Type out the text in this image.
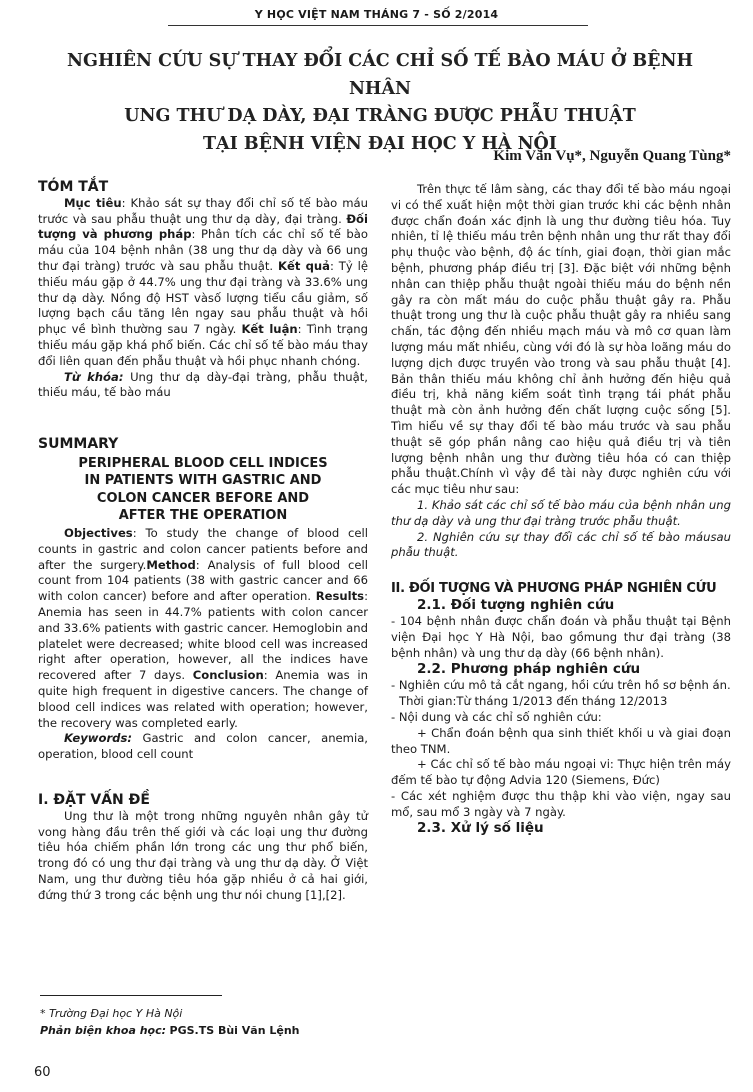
Y HỌC VIỆT NAM THÁNG 7 - SỐ 2/2014
NGHIÊN CỨU SỰ THAY ĐỔI CÁC CHỈ SỐ TẾ BÀO MÁU Ở BỆNH NHÂN
UNG THƯ DẠ DÀY, ĐẠI TRÀNG ĐƯỢC PHẪU THUẬT
TẠI BỆNH VIỆN ĐẠI HỌC Y HÀ NỘI
Kim Văn Vụ*, Nguyễn Quang Tùng*
TÓM TẮT

Mục tiêu: Khảo sát sự thay đổi chỉ số tế bào máu trước và sau phẫu thuật ung thư dạ dày, đại tràng. Đối tượng và phương pháp: Phân tích các chỉ số tế bào máu của 104 bệnh nhân (38 ung thư dạ dày và 66 ung thư đại tràng) trước và sau phẫu thuật. Kết quả: Tỷ lệ thiếu máu gặp ở 44.7% ung thư đại tràng và 33.6% ung thư dạ dày. Nồng độ HST vàsố lượng tiểu cầu giảm, số lượng bạch cầu tăng lên ngay sau phẫu thuật và hồi phục về bình thường sau 7 ngày. Kết luận: Tình trạng thiếu máu gặp khá phổ biến. Các chỉ số tế bào máu thay đổi liên quan đến phẫu thuật và hồi phục nhanh chóng.

Từ khóa: Ung thư dạ dày-đại tràng, phẫu thuật, thiếu máu, tế bào máu

SUMMARY
PERIPHERAL BLOOD CELL INDICES
IN PATIENTS WITH GASTRIC AND
COLON CANCER BEFORE AND
AFTER THE OPERATION

Objectives: To study the change of blood cell counts in gastric and colon cancer patients before and after the surgery.Method: Analysis of full blood cell count from 104 patients (38 with gastric cancer and 66 with colon cancer) before and after operation. Results: Anemia has seen in 44.7% patients with colon cancer and 33.6% patients with gastric cancer. Hemoglobin and platelet were decreased; white blood cell was increased right after operation, however, all the indices have recovered after 7 days. Conclusion: Anemia was in quite high frequent in digestive cancers. The change of blood cell indices was related with operation; however, the recovery was completed early.

Keywords: Gastric and colon cancer, anemia, operation, blood cell count

I. ĐẶT VẤN ĐỀ

Ung thư là một trong những nguyên nhân gây tử vong hàng đầu trên thế giới và các loại ung thư đường tiêu hóa chiếm phần lớn trong các ung thư phổ biến, trong đó có ung thư đại tràng và ung thư dạ dày. Ở Việt Nam, ung thư đường tiêu hóa gặp nhiều ở cả hai giới, đứng thứ 3 trong các bệnh ung thư nói chung [1],[2].

* Trường Đại học Y Hà Nội
Phản biện khoa học: PGS.TS Bùi Văn Lệnh
60

Trên thực tế lâm sàng, các thay đổi tế bào máu ngoại vi có thể xuất hiện một thời gian trước khi các bệnh nhân được chẩn đoán xác định là ung thư đường tiêu hóa. Tuy nhiên, tỉ lệ thiếu máu trên bệnh nhân ung thư rất thay đổi phụ thuộc vào bệnh, độ ác tính, giai đoạn, thời gian mắc bệnh, phương pháp điều trị [3]. Đặc biệt với những bệnh nhân can thiệp phẫu thuật ngoài thiếu máu do bệnh nền gây ra còn mất máu do cuộc phẫu thuật gây ra. Phẫu thuật trong ung thư là cuộc phẫu thuật gây ra nhiều sang chấn, tác động đến nhiều mạch máu và mô cơ quan làm lượng máu mất nhiều, cùng với đó là sự hòa loãng máu do lượng dịch được truyền vào trong và sau phẫu thuật [4]. Bản thân thiếu máu không chỉ ảnh hưởng đến hiệu quả điều trị, khả năng kiểm soát tình trạng tái phát phẫu thuật mà còn ảnh hưởng đến chất lượng cuộc sống [5]. Tìm hiểu về sự thay đổi tế bào máu trước và sau phẫu thuật sẽ góp phần nâng cao hiệu quả điều trị và tiên lượng bệnh nhân ung thư đường tiêu hóa có can thiệp phẫu thuật.Chính vì vậy đề tài này được nghiên cứu với các mục tiêu như sau:

1. Khảo sát các chỉ số tế bào máu của bệnh nhân ung thư dạ dày và ung thư đại tràng trước phẫu thuật.

2. Nghiên cứu sự thay đổi các chỉ số tế bào máusau phẫu thuật.

II. ĐỐI TƯỢNG VÀ PHƯƠNG PHÁP NGHIÊN CỨU
2.1. Đối tượng nghiên cứu

- 104 bệnh nhân được chẩn đoán và phẫu thuật tại Bệnh viện Đại học Y Hà Nội, bao gồmung thư đại tràng (38 bệnh nhân) và ung thư dạ dày (66 bệnh nhân).

2.2. Phương pháp nghiên cứu

- Nghiên cứu mô tả cắt ngang, hồi cứu trên hồ sơ bệnh án.

Thời gian:Từ tháng 1/2013 đến tháng 12/2013

- Nội dung và các chỉ số nghiên cứu:

+ Chẩn đoán bệnh qua sinh thiết khối u và giai đoạn theo TNM.

+ Các chỉ số tế bào máu ngoại vi: Thực hiện trên máy đếm tế bào tự động Advia 120 (Siemens, Đức)

- Các xét nghiệm được thu thập khi vào viện, ngay sau mổ, sau mổ 3 ngày và 7 ngày.

2.3. Xử lý số liệu
